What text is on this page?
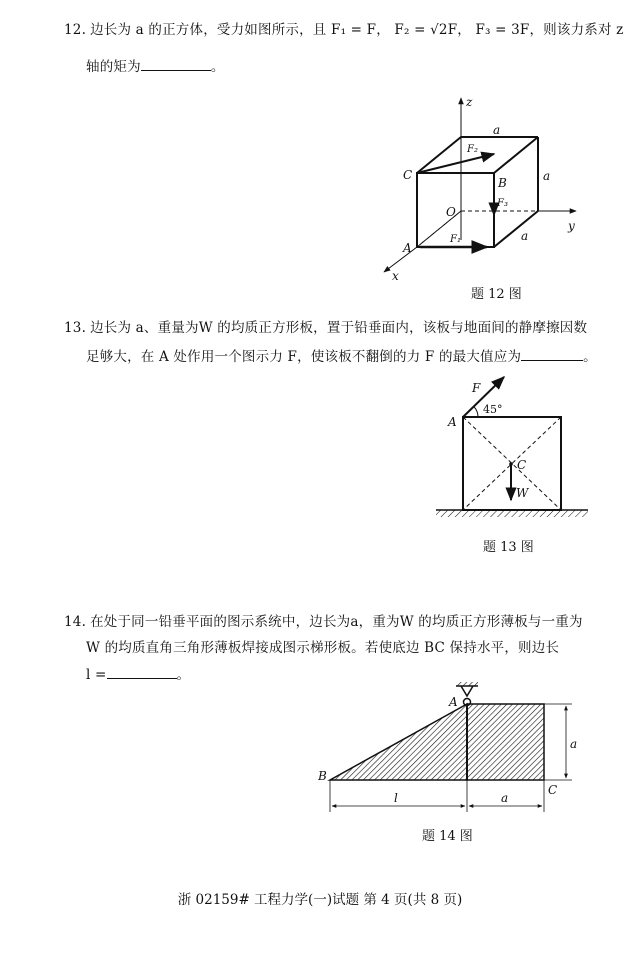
12. 边长为 a 的正方体，受力如图所示，且 F₁ = F， F₂ = √2F， F₃ = 3F，则该力系对 z
轴的矩为	。
z
y
x
O
A
B
C
a
a
a
F₂
F₃
F₁
题 12 图
13. 边长为 a、重量为W 的均质正方形板，置于铅垂面内，该板与地面间的静摩擦因数
足够大，在 A 处作用一个图示力 F，使该板不翻倒的力 F 的最大值应为	。
F
45°
A
C
W
题 13 图
14. 在处于同一铅垂平面的图示系统中，边长为a，重为W 的均质正方形薄板与一重为
W 的均质直角三角形薄板焊接成图示梯形板。若使底边 BC 保持水平，则边长
l =	。
A
B
C
l	a
a
题 14 图
浙 02159# 工程力学(一)试题 第 4 页(共 8 页)
